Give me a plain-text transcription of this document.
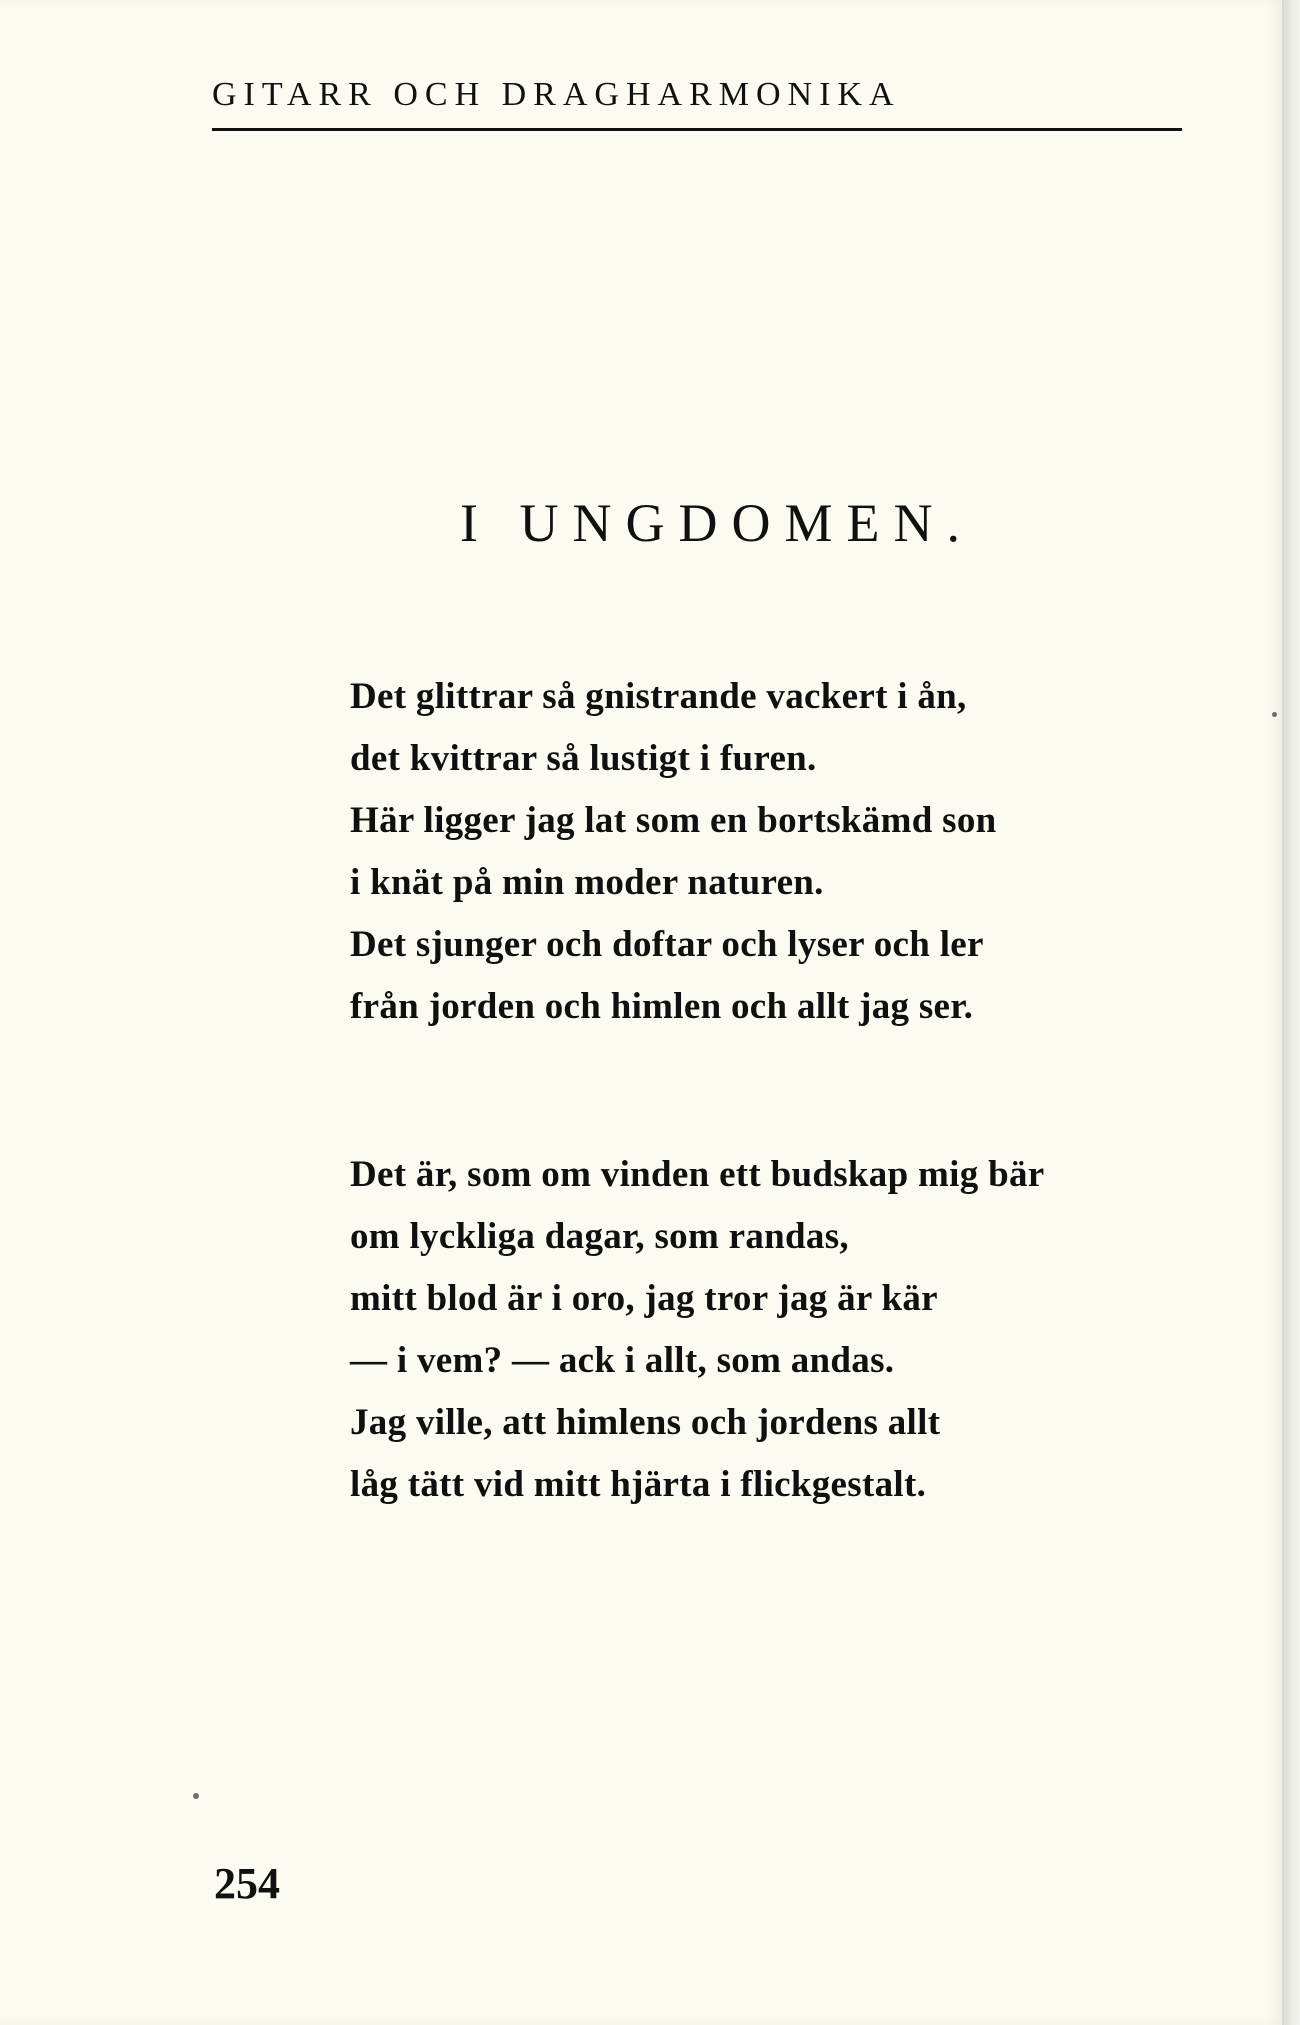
GITARR OCH DRAGHARMONIKA
I UNGDOMEN.
Det glittrar så gnistrande vackert i ån,
det kvittrar så lustigt i furen.
Här ligger jag lat som en bortskämd son
i knät på min moder naturen.
Det sjunger och doftar och lyser och ler
från jorden och himlen och allt jag ser.
Det är, som om vinden ett budskap mig bär
om lyckliga dagar, som randas,
mitt blod är i oro, jag tror jag är kär
— i vem? — ack i allt, som andas.
Jag ville, att himlens och jordens allt
låg tätt vid mitt hjärta i flickgestalt.
254
